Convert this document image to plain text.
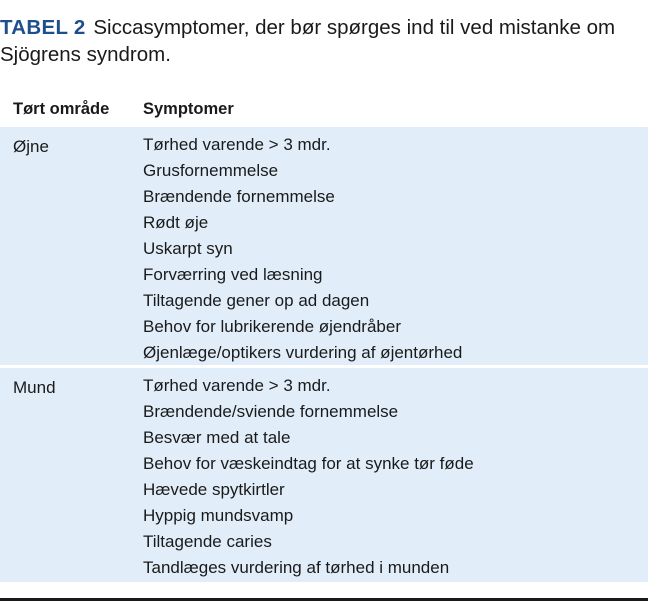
TABEL 2 Siccasymptomer, der bør spørges ind til ved mistanke om Sjögrens syndrom.
Tørt område Symptomer
Øjne	Tørhed varende > 3 mdr.
Grusfornemmelse
Brændende fornemmelse
Rødt øje
Uskarpt syn
Forværring ved læsning
Tiltagende gener op ad dagen
Behov for lubrikerende øjendråber
Øjenlæge/optikers vurdering af øjentørhed
Mund	Tørhed varende > 3 mdr.
Brændende/sviende fornemmelse
Besvær med at tale
Behov for væskeindtag for at synke tør føde
Hævede spytkirtler
Hyppig mundsvamp
Tiltagende caries
Tandlæges vurdering af tørhed i munden
